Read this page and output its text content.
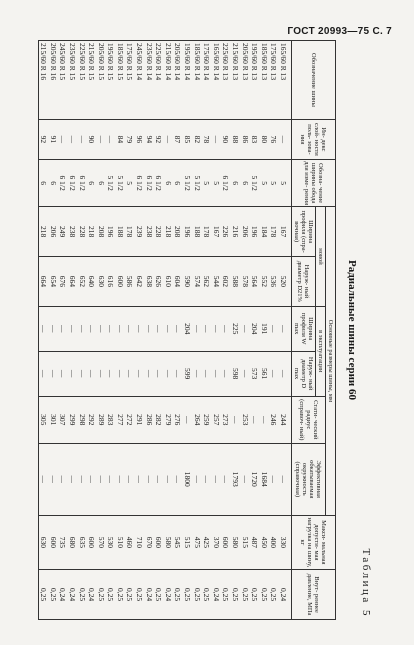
ГОСТ 20993—75 С. 7
Таблица 5
Радиальные шины серии 60
Обозначение шины	Ин- декс слой- ности поль- зова- ния	Обозна- чение ширины обода для изме- рения	Основные размеры шины, мм						Макси- мальная допусти- мая нагрузка на шину, кг	Внут- реннее давление, МПа
			новой		в эксплуатации		Стати- ческий радиус (справоч- ный)	Эффективная обкатываемая окружность (справочная)		
			Ширина профиля (спра- вочная)	Наруж- ный диаметр D21%	Ширина профиля W max	Наруж- ный диаметр D max				
165/60 R 13	—	5	167	520	—	—	244	—	330	0,24
175/60 R 13	76	5	178	536	—	—	246	—	400	0,25
185/60 R 13	80	5	184	552	191	561	—	1684	450	0,25
195/60 R 13	83	5 1/2	196	564	204	573	—	1720	487	0,25
205/60 R 13	86	6	206	578	—	—	253	—	515	0,25
215/60 R 13	88	6	216	588	225	598	—	1793	580	0,25
225/60 R 13	90	6 1/2	226	602	—	—	273	—	600	0,25
165/60 R 14	—	5	167	544	—	—	257	—	370	0,24
175/60 R 14	78	5	178	562	—	—	259	—	425	0,25
185/60 R 14	82	5 1/2	188	574	—	—	264	—	475	0,25
195/60 R 14	85	5 1/2	196	590	204	599	—	1800	515	0,25
205/60 R 14	87	6	208	604	—	—	276	—	545	0,25
215/60 R 14	—	6	218	610	—	—	279	—	580	0,24
225/60 R 14	92	6 1/2	228	626	—	—	282	—	600	0,25
235/60 R 14	94	6 1/2	238	638	—	—	286	—	670	0,24
245/60 R 14	96	6 1/2	239	642	—	—	291	—	710	0,25
175/60 R 15	79	5	178	586	—	—	272	—	460	0,25
185/60 R 15	84	5 1/2	188	600	—	—	277	—	510	0,25
195/60 R 15	—	5 1/2	196	616	—	—	283	—	530	0,25
205/60 R 15	—	6	208	630	—	—	289	—	570	0,25
215/60 R 15	90	6	218	640	—	—	292	—	600	0,24
225/60 R 15	—	6 1/2	228	652	—	—	298	—	635	0,25
235/60 R 15	—	6 1/2	238	664	—	—	299	—	680	0,24
245/60 R 15	—	6 1/2	249	676	—	—	307	—	735	0,24
205/60 R 16	91	6	206	654	—	—	301	—	600	0,25
215/60 R 16	92	6	218	664	—	—	305	—	630	0,25
